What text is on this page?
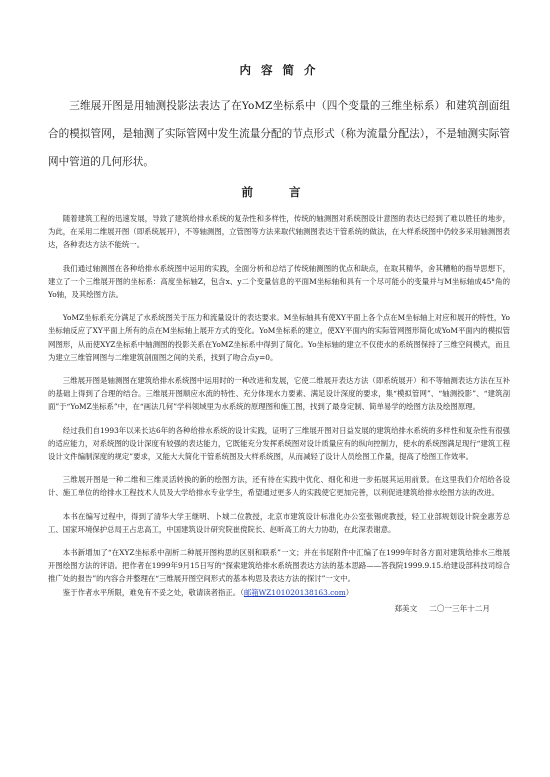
内 容 简 介

三维展开图是用轴测投影法表达了在YoMZ坐标系中（四个变量的三维坐标系）和建筑剖面组合的模拟管网，是轴测了实际管网中发生流量分配的节点形式（称为流量分配法），不是轴测实际管网中管道的几何形状。

前 言

随着建筑工程的迅速发展，导致了建筑给排水系统的复杂性和多样性，传统的轴测图对系统图设计意图的表达已经到了难以胜任的地步，为此，在采用二维展开图（即系统展开），不等轴测图，立管图等方法来取代轴测图表达干管系统的做法，在大样系统图中仍较多采用轴测图表达，各种表达方法不能统一。

我们通过轴测图在各种给排水系统图中运用的实践，全面分析和总结了传统轴测图的优点和缺点，在取其精华，舍其糟粕的指导思想下，建立了一个三维展开图的坐标系：高度坐标轴Z，包含x、y二个变量信息的平面M坐标轴和具有一个尽可能小的变量并与M坐标轴成45°角的Yo轴，及其绘图方法。

YoMZ坐标系充分满足了水系统图关于压力和流量设计的表达要求。M坐标轴具有使XY平面上各个点在M坐标轴上对应和展开的特性，Yo坐标轴反应了XY平面上所有的点在M坐标轴上展开方式的变化。YoM坐标系的建立，使XY平面内的实际管网图形简化成YoM平面内的模拟管网图形，从而使XYZ坐标系中轴测图的投影关系在YoMZ坐标系中得到了简化。Yo坐标轴的建立不仅使水的系统图保持了三维空间模式，而且为建立三维管网图与二维建筑剖面图之间的关系，找到了吻合点y=0。

三维展开图是轴测图在建筑给排水系统图中运用时的一种改进和发展，它使二维展开表达方法（即系统展开）和不等轴测表达方法在互补的基础上得到了合理的结合。三维展开图顺应水流的特性、充分体现水力要素、满足设计深度的要求，集“模拟管网”、“轴测投影”、“建筑剖面”于“YoMZ坐标系”中，在“画法几何”学科领域里为水系统的原理图和施工图，找到了最身定制、简单易学的绘图方法及绘图原理。

经过我们自1993年以来长达6年的各种给排水系统的设计实践，证明了三维展开图对日益发展的建筑给排水系统的多样性和复杂性有很强的适应能力，对系统图的设计深度有较强的表达能力，它既能充分发挥系统图对设计质量应有的纵向控制力，使水的系统图满足现行“建筑工程设计文件编制深度的规定”要求，又能大大简化干管系统图及大样系统图，从而减轻了设计人员绘图工作量，提高了绘图工作效率。

三维展开图是一种二维和三维灵活转换的新的绘图方法，还有待在实践中优化、细化和进一步拓展其运用前景。在这里我们介绍给各设计、施工单位的给排水工程技术人员及大学给排水专业学生，希望通过更多人的实践使它更加完善，以利促进建筑给排水绘图方法的改进。

本书在编写过程中，得到了清华大学王继明、卜城二位教授，北京市建筑设计标准化办公室张锡虎教授，轻工业部规划设计院金惠芳总工、国家环境保护总局王占忠高工，中国建筑设计研究院崔傥院长、赵昕高工的大力协助，在此深表谢意。

本书新增加了“在XYZ坐标系中剖析二种展开图构思的区别和联系”一文；并在书尾附件中汇编了在1999年时各方面对建筑给排水三维展开图绘图方法的评语。把作者在1999年9月15日写的“探索建筑给排水系统图表达方法的基本思路——答我院1999.9.15.给建设部科技司综合推广处的报告”的内容合并整理在“三维展开图空间形式的基本构思及表达方法的探讨”一文中。

鉴于作者水平所限，难免有不妥之处，敬请读者指正。（邮箱WZ101020138163.com）

郑美文 二〇一三年十二月
